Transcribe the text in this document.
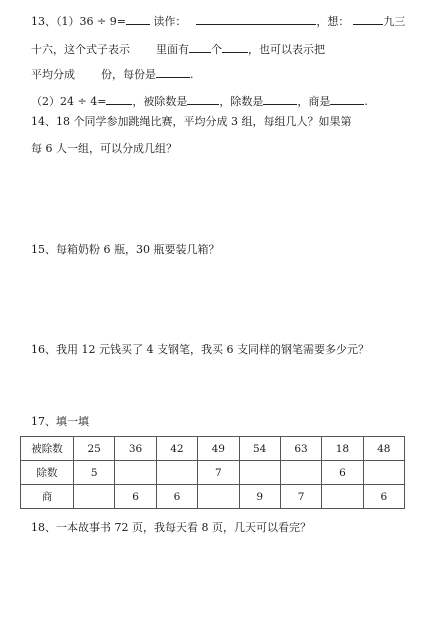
13、（1）36 ÷ 9= 读作：	，想：	九三
十六，这个式子表示 里面有 个 ，也可以表示把
平均分成 份，每份是	.
（2）24 ÷ 4= ，被除数是	，除数是	，商是	.
14、18 个同学参加跳绳比赛，平均分成 3 组，每组几人？如果第
每 6 人一组，可以分成几组？
15、每箱奶粉 6 瓶，30 瓶要装几箱？
16、我用 12 元钱买了 4 支钢笔，我买 6 支同样的钢笔需要多少元？
17、填一填
被除数	25	36	42	49	54	63	18	48
除数	5			7			6	
商		6	6		9	7		6
18、一本故事书 72 页，我每天看 8 页，几天可以看完？
